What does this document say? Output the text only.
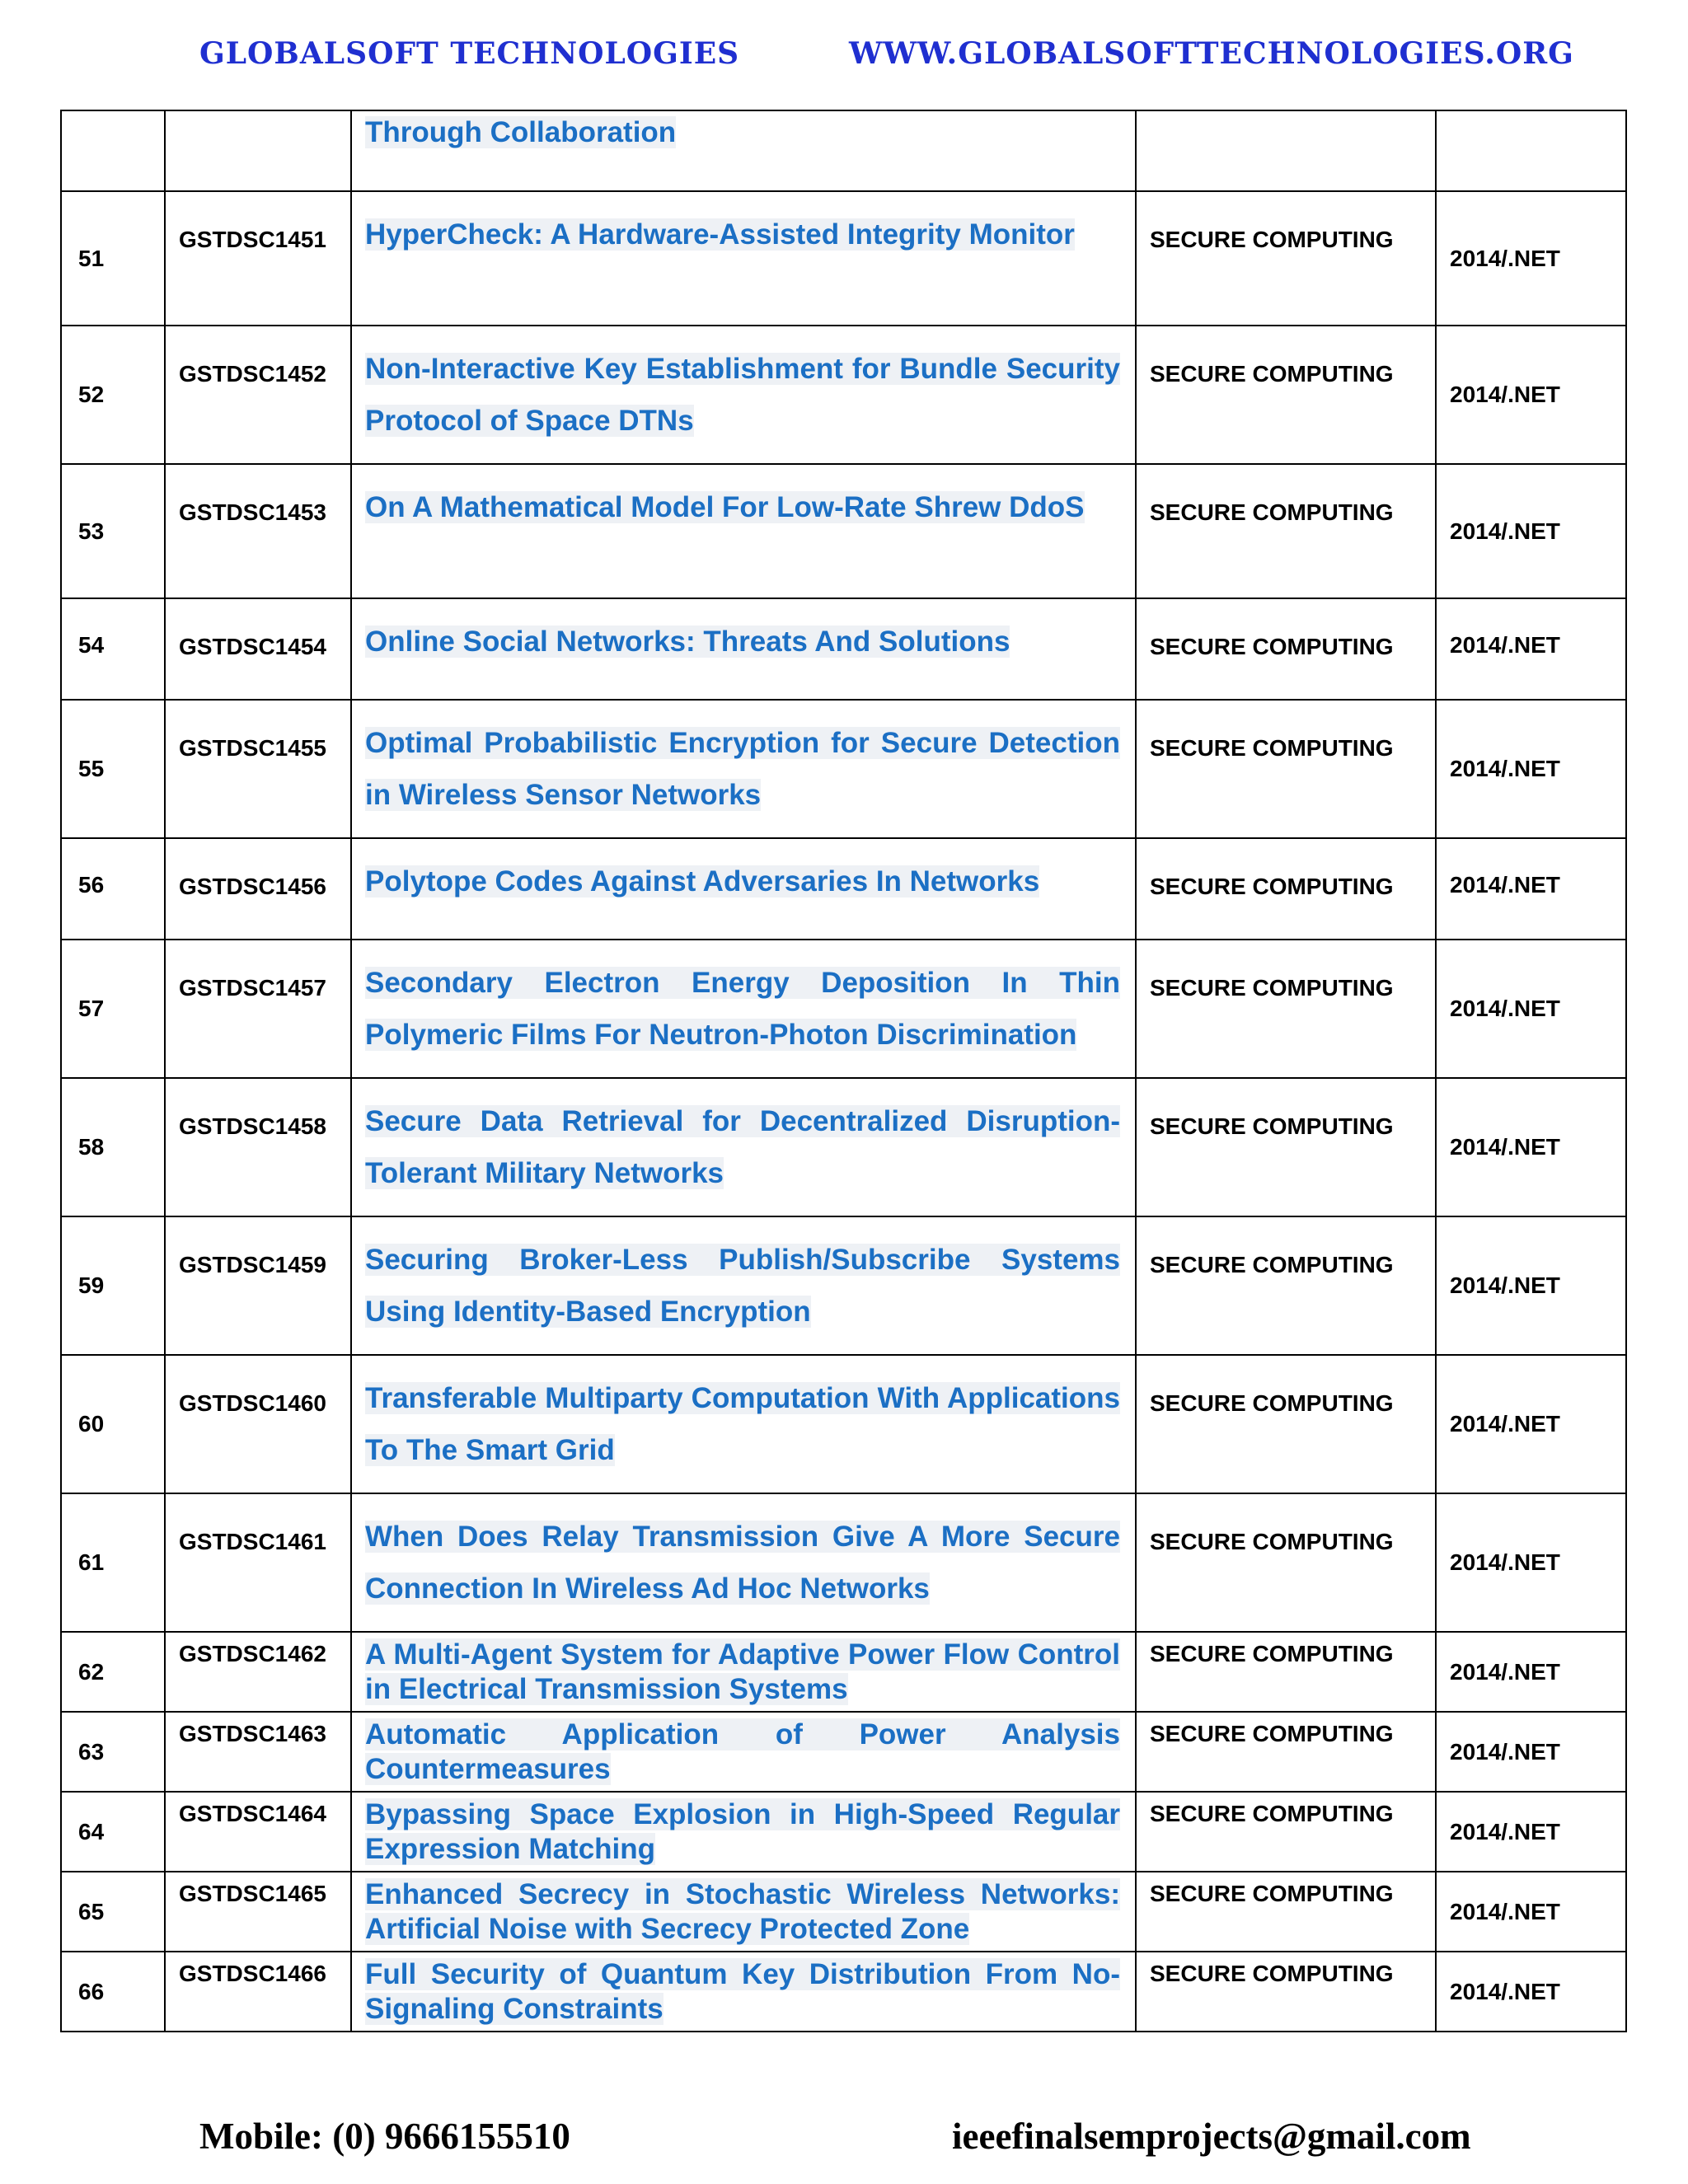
GLOBALSOFT TECHNOLOGIES	WWW.GLOBALSOFTTECHNOLOGIES.ORG
		Through Collaboration		
51	GSTDSC1451	HyperCheck: A Hardware-Assisted Integrity Monitor	SECURE COMPUTING	2014/.NET
52	GSTDSC1452	Non-Interactive Key Establishment for Bundle Security Protocol of Space DTNs	SECURE COMPUTING	2014/.NET
53	GSTDSC1453	On A Mathematical Model For Low-Rate Shrew DdoS	SECURE COMPUTING	2014/.NET
54	GSTDSC1454	Online Social Networks: Threats And Solutions	SECURE COMPUTING	2014/.NET
55	GSTDSC1455	Optimal Probabilistic Encryption for Secure Detection in Wireless Sensor Networks	SECURE COMPUTING	2014/.NET
56	GSTDSC1456	Polytope Codes Against Adversaries In Networks	SECURE COMPUTING	2014/.NET
57	GSTDSC1457	Secondary Electron Energy Deposition In Thin Polymeric Films For Neutron-Photon Discrimination	SECURE COMPUTING	2014/.NET
58	GSTDSC1458	Secure Data Retrieval for Decentralized Disruption-Tolerant Military Networks	SECURE COMPUTING	2014/.NET
59	GSTDSC1459	Securing Broker-Less Publish/Subscribe Systems Using Identity-Based Encryption	SECURE COMPUTING	2014/.NET
60	GSTDSC1460	Transferable Multiparty Computation With Applications To The Smart Grid	SECURE COMPUTING	2014/.NET
61	GSTDSC1461	When Does Relay Transmission Give A More Secure Connection In Wireless Ad Hoc Networks	SECURE COMPUTING	2014/.NET
62	GSTDSC1462	A Multi-Agent System for Adaptive Power Flow Control in Electrical Transmission Systems	SECURE COMPUTING	2014/.NET
63	GSTDSC1463	Automatic Application of Power Analysis Countermeasures	SECURE COMPUTING	2014/.NET
64	GSTDSC1464	Bypassing Space Explosion in High-Speed Regular Expression Matching	SECURE COMPUTING	2014/.NET
65	GSTDSC1465	Enhanced Secrecy in Stochastic Wireless Networks: Artificial Noise with Secrecy Protected Zone	SECURE COMPUTING	2014/.NET
66	GSTDSC1466	Full Security of Quantum Key Distribution From No-Signaling Constraints	SECURE COMPUTING	2014/.NET
Mobile: (0) 9666155510	ieeefinalsemprojects@gmail.com
